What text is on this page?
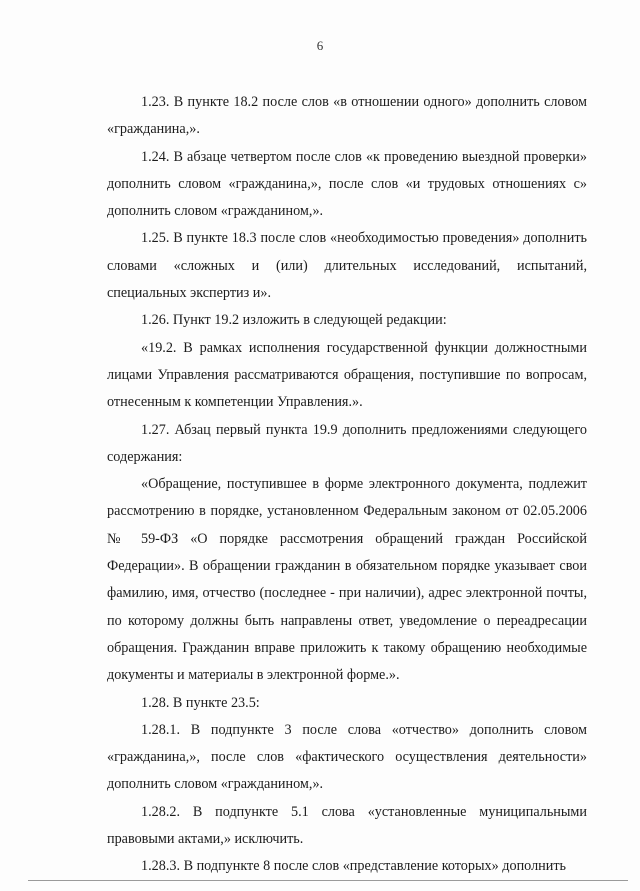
6

1.23. В пункте 18.2 после слов «в отношении одного» дополнить словом «гражданина,».

1.24. В абзаце четвертом после слов «к проведению выездной проверки» дополнить словом «гражданина,», после слов «и трудовых отношениях с» дополнить словом «гражданином,».

1.25. В пункте 18.3 после слов «необходимостью проведения» дополнить словами «сложных и (или) длительных исследований, испытаний, специальных экспертиз и».

1.26. Пункт 19.2 изложить в следующей редакции:

«19.2. В рамках исполнения государственной функции должностными лицами Управления рассматриваются обращения, поступившие по вопросам, отнесенным к компетенции Управления.».

1.27. Абзац первый пункта 19.9 дополнить предложениями следующего содержания:

«Обращение, поступившее в форме электронного документа, подлежит рассмотрению в порядке, установленном Федеральным законом от 02.05.2006 № 59-ФЗ «О порядке рассмотрения обращений граждан Российской Федерации». В обращении гражданин в обязательном порядке указывает свои фамилию, имя, отчество (последнее - при наличии), адрес электронной почты, по которому должны быть направлены ответ, уведомление о переадресации обращения. Гражданин вправе приложить к такому обращению необходимые документы и материалы в электронной форме.».

1.28. В пункте 23.5:

1.28.1. В подпункте 3 после слова «отчество» дополнить словом «гражданина,», после слов «фактического осуществления деятельности» дополнить словом «гражданином,».

1.28.2. В подпункте 5.1 слова «установленные муниципальными правовыми актами,» исключить.

1.28.3. В подпункте 8 после слов «представление которых» дополнить
